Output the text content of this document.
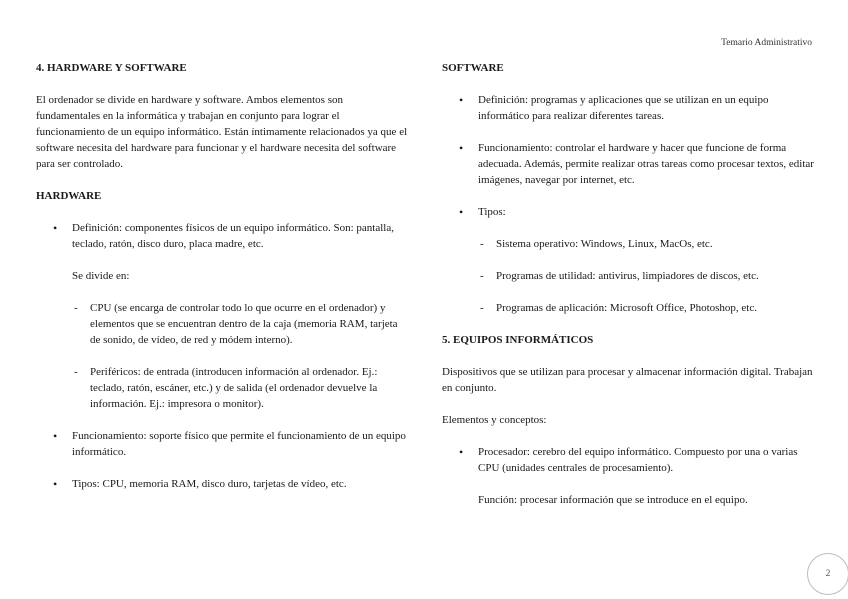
Temario Administrativo
4. HARDWARE Y SOFTWARE
El ordenador se divide en hardware y software. Ambos elementos son fundamentales en la informática y trabajan en conjunto para lograr el funcionamiento de un equipo informático. Están íntimamente relacionados ya que el software necesita del hardware para funcionar y el hardware necesita del software para ser controlado.
HARDWARE
• Definición: componentes físicos de un equipo informático. Son: pantalla, teclado, ratón, disco duro, placa madre, etc.
Se divide en:
- CPU (se encarga de controlar todo lo que ocurre en el ordenador) y elementos que se encuentran dentro de la caja (memoria RAM, tarjeta de sonido, de vídeo, de red y módem interno).
- Periféricos: de entrada (introducen información al ordenador. Ej.: teclado, ratón, escáner, etc.) y de salida (el ordenador devuelve la información. Ej.: impresora o monitor).
• Funcionamiento: soporte físico que permite el funcionamiento de un equipo informático.
• Tipos: CPU, memoria RAM, disco duro, tarjetas de vídeo, etc.
SOFTWARE
• Definición: programas y aplicaciones que se utilizan en un equipo informático para realizar diferentes tareas.
• Funcionamiento: controlar el hardware y hacer que funcione de forma adecuada. Además, permite realizar otras tareas como procesar textos, editar imágenes, navegar por internet, etc.
• Tipos:
- Sistema operativo: Windows, Linux, MacOs, etc.
- Programas de utilidad: antivirus, limpiadores de discos, etc.
- Programas de aplicación: Microsoft Office, Photoshop, etc.
5. EQUIPOS INFORMÁTICOS
Dispositivos que se utilizan para procesar y almacenar información digital. Trabajan en conjunto.
Elementos y conceptos:
• Procesador: cerebro del equipo informático. Compuesto por una o varias CPU (unidades centrales de procesamiento).
Función: procesar información que se introduce en el equipo.
2
